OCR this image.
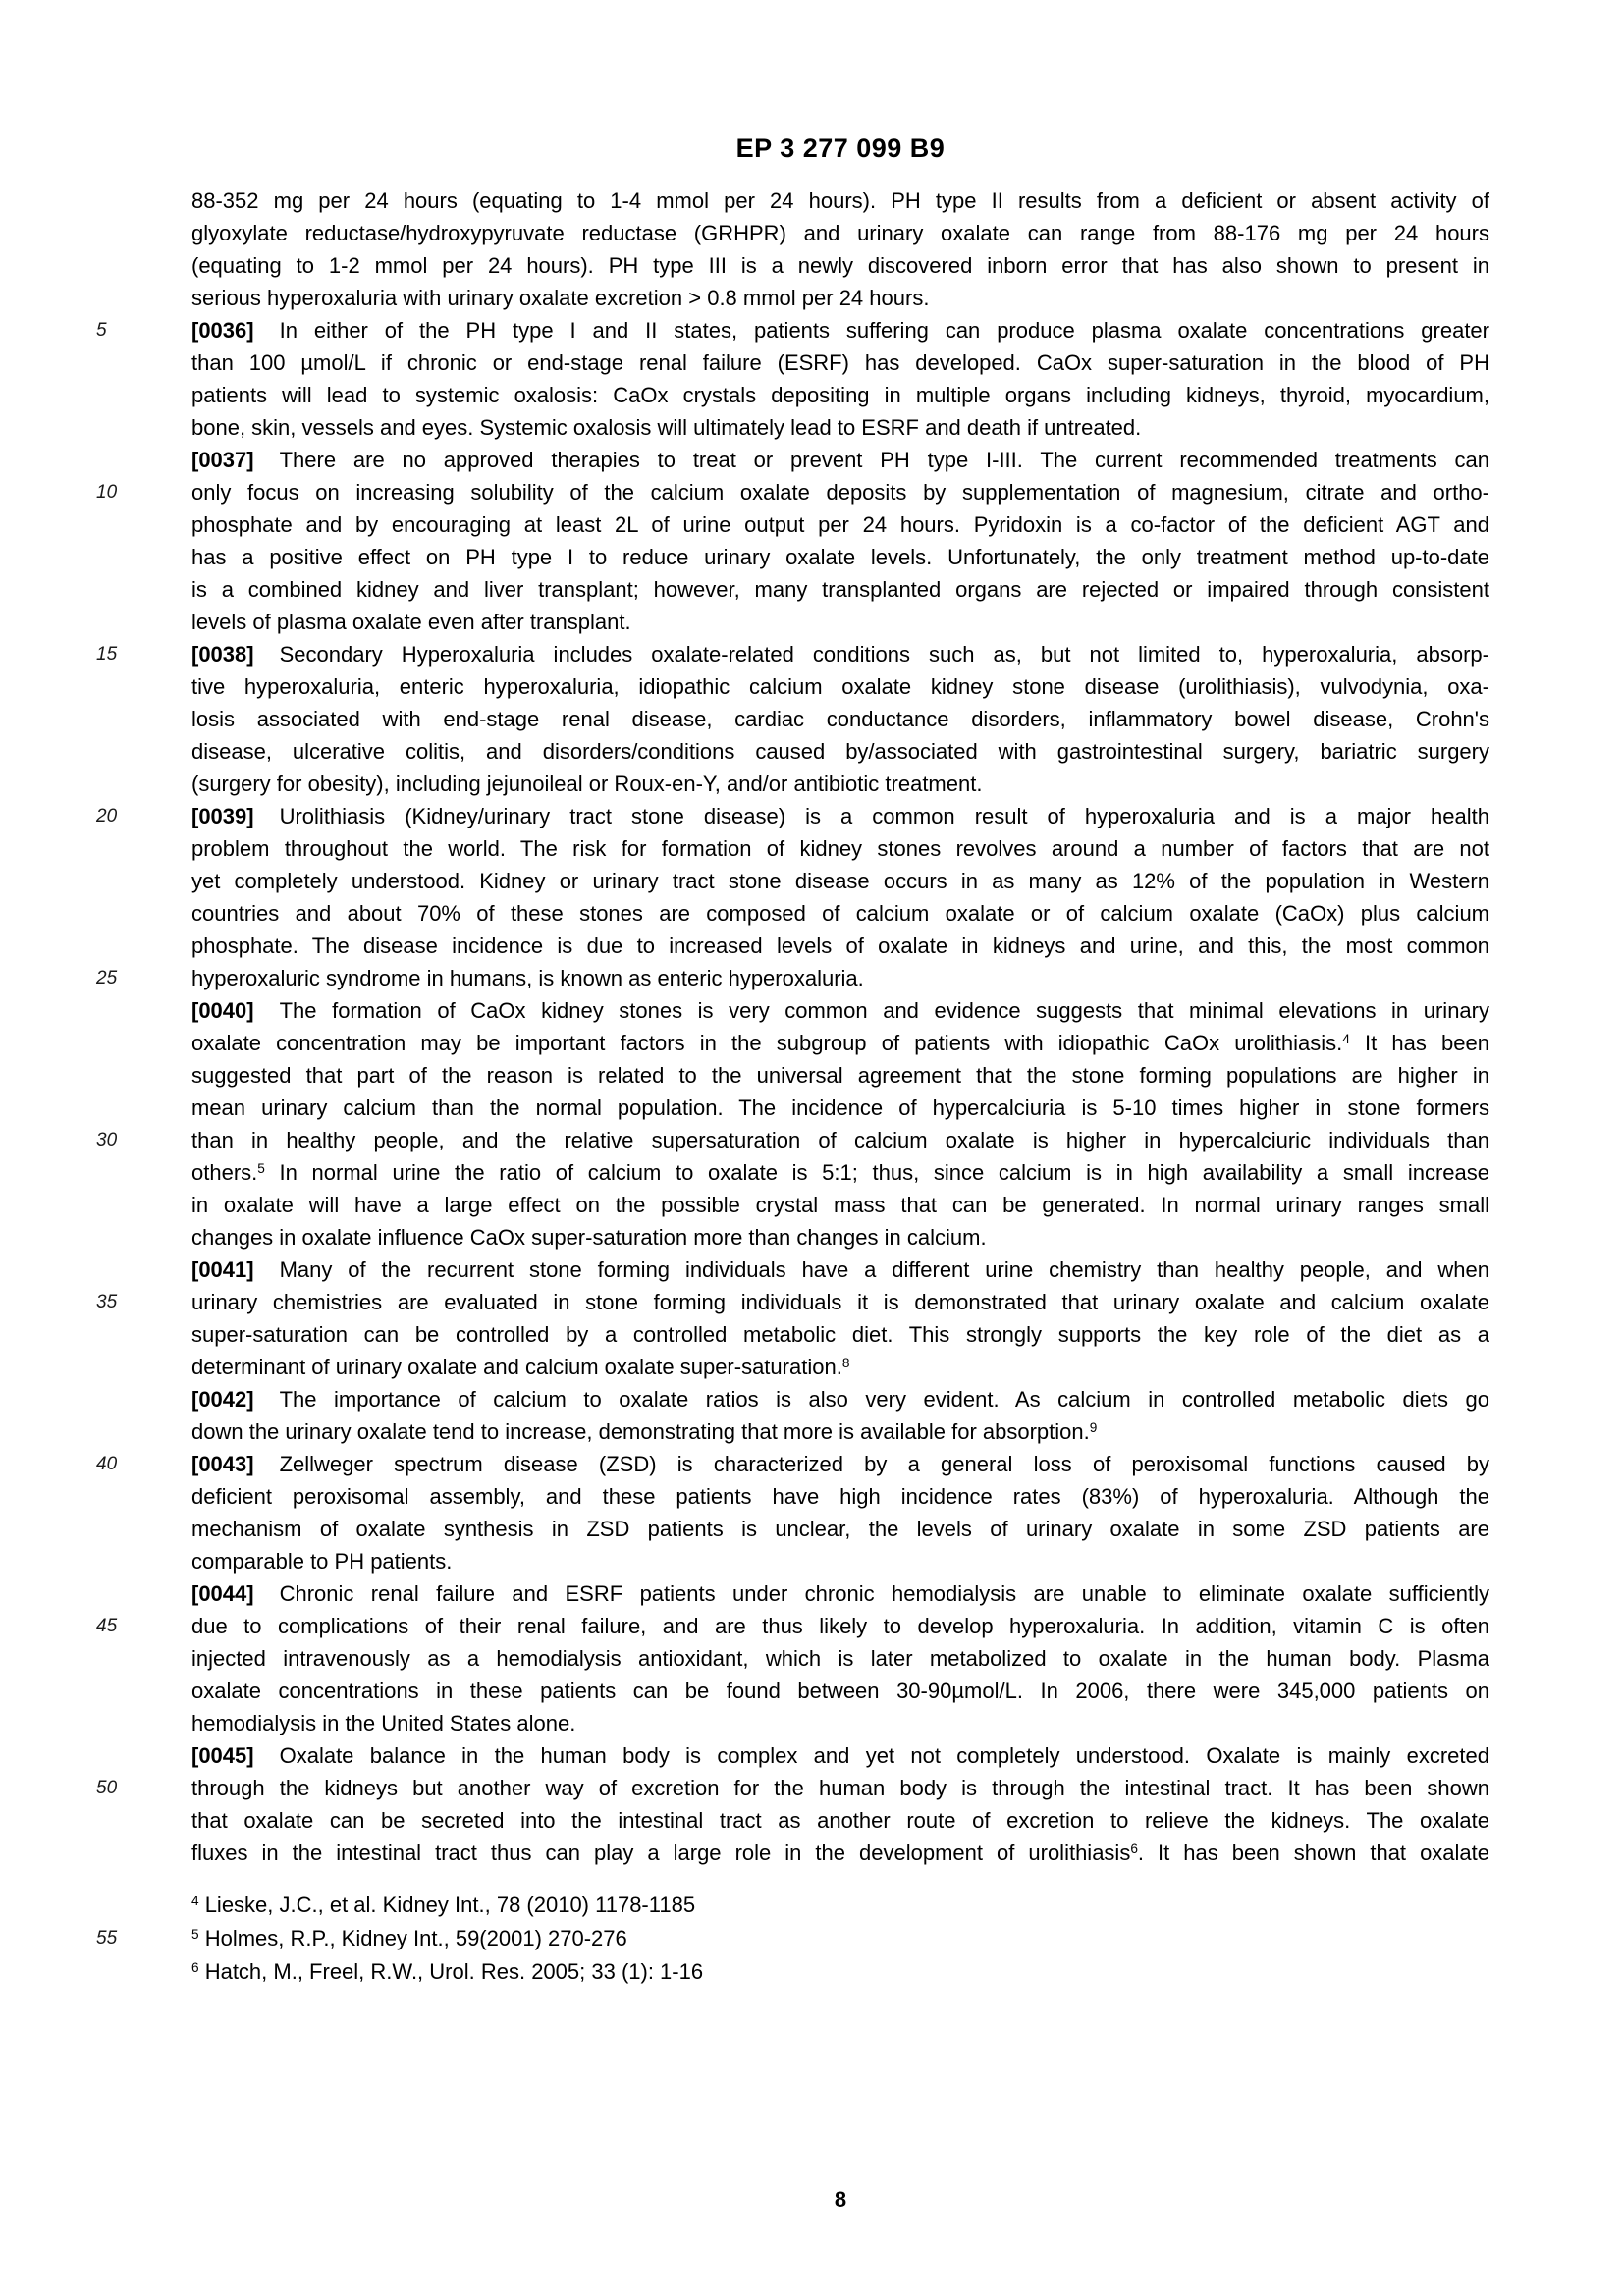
EP 3 277 099 B9
88-352 mg per 24 hours (equating to 1-4 mmol per 24 hours). PH type II results from a deficient or absent activity of
glyoxylate reductase/hydroxypyruvate reductase (GRHPR) and urinary oxalate can range from 88-176 mg per 24 hours
(equating to 1-2 mmol per 24 hours). PH type III is a newly discovered inborn error that has also shown to present in
serious hyperoxaluria with urinary oxalate excretion > 0.8 mmol per 24 hours.
5	[0036] In either of the PH type I and II states, patients suffering can produce plasma oxalate concentrations greater
than 100 µmol/L if chronic or end-stage renal failure (ESRF) has developed. CaOx super-saturation in the blood of PH
patients will lead to systemic oxalosis: CaOx crystals depositing in multiple organs including kidneys, thyroid, myocardium,
bone, skin, vessels and eyes. Systemic oxalosis will ultimately lead to ESRF and death if untreated.
[0037] There are no approved therapies to treat or prevent PH type I-III. The current recommended treatments can
10	only focus on increasing solubility of the calcium oxalate deposits by supplementation of magnesium, citrate and ortho-
phosphate and by encouraging at least 2L of urine output per 24 hours. Pyridoxin is a co-factor of the deficient AGT and
has a positive effect on PH type I to reduce urinary oxalate levels. Unfortunately, the only treatment method up-to-date
is a combined kidney and liver transplant; however, many transplanted organs are rejected or impaired through consistent
levels of plasma oxalate even after transplant.
15	[0038] Secondary Hyperoxaluria includes oxalate-related conditions such as, but not limited to, hyperoxaluria, absorp-
tive hyperoxaluria, enteric hyperoxaluria, idiopathic calcium oxalate kidney stone disease (urolithiasis), vulvodynia, oxa-
losis associated with end-stage renal disease, cardiac conductance disorders, inflammatory bowel disease, Crohn's
disease, ulcerative colitis, and disorders/conditions caused by/associated with gastrointestinal surgery, bariatric surgery
(surgery for obesity), including jejunoileal or Roux-en-Y, and/or antibiotic treatment.
20	[0039] Urolithiasis (Kidney/urinary tract stone disease) is a common result of hyperoxaluria and is a major health
problem throughout the world. The risk for formation of kidney stones revolves around a number of factors that are not
yet completely understood. Kidney or urinary tract stone disease occurs in as many as 12% of the population in Western
countries and about 70% of these stones are composed of calcium oxalate or of calcium oxalate (CaOx) plus calcium
phosphate. The disease incidence is due to increased levels of oxalate in kidneys and urine, and this, the most common
25	hyperoxaluric syndrome in humans, is known as enteric hyperoxaluria.
[0040] The formation of CaOx kidney stones is very common and evidence suggests that minimal elevations in urinary
oxalate concentration may be important factors in the subgroup of patients with idiopathic CaOx urolithiasis.$^4$ It has been
suggested that part of the reason is related to the universal agreement that the stone forming populations are higher in
mean urinary calcium than the normal population. The incidence of hypercalciuria is 5-10 times higher in stone formers
30	than in healthy people, and the relative supersaturation of calcium oxalate is higher in hypercalciuric individuals than
others.$^5$ In normal urine the ratio of calcium to oxalate is 5:1; thus, since calcium is in high availability a small increase
in oxalate will have a large effect on the possible crystal mass that can be generated. In normal urinary ranges small
changes in oxalate influence CaOx super-saturation more than changes in calcium.
[0041] Many of the recurrent stone forming individuals have a different urine chemistry than healthy people, and when
35	urinary chemistries are evaluated in stone forming individuals it is demonstrated that urinary oxalate and calcium oxalate
super-saturation can be controlled by a controlled metabolic diet. This strongly supports the key role of the diet as a
determinant of urinary oxalate and calcium oxalate super-saturation.$^8$
[0042] The importance of calcium to oxalate ratios is also very evident. As calcium in controlled metabolic diets go
down the urinary oxalate tend to increase, demonstrating that more is available for absorption.$^9$
40	[0043] Zellweger spectrum disease (ZSD) is characterized by a general loss of peroxisomal functions caused by
deficient peroxisomal assembly, and these patients have high incidence rates (83%) of hyperoxaluria. Although the
mechanism of oxalate synthesis in ZSD patients is unclear, the levels of urinary oxalate in some ZSD patients are
comparable to PH patients.
[0044] Chronic renal failure and ESRF patients under chronic hemodialysis are unable to eliminate oxalate sufficiently
45	due to complications of their renal failure, and are thus likely to develop hyperoxaluria. In addition, vitamin C is often
injected intravenously as a hemodialysis antioxidant, which is later metabolized to oxalate in the human body. Plasma
oxalate concentrations in these patients can be found between 30-90µmol/L. In 2006, there were 345,000 patients on
hemodialysis in the United States alone.
[0045] Oxalate balance in the human body is complex and yet not completely understood. Oxalate is mainly excreted
50	through the kidneys but another way of excretion for the human body is through the intestinal tract. It has been shown
that oxalate can be secreted into the intestinal tract as another route of excretion to relieve the kidneys. The oxalate
fluxes in the intestinal tract thus can play a large role in the development of urolithiasis$^6$. It has been shown that oxalate
$^4$ Lieske, J.C., et al. Kidney Int., 78 (2010) 1178-1185
55	$^5$ Holmes, R.P., Kidney Int., 59(2001) 270-276
$^6$ Hatch, M., Freel, R.W., Urol. Res. 2005; 33 (1): 1-16
8
